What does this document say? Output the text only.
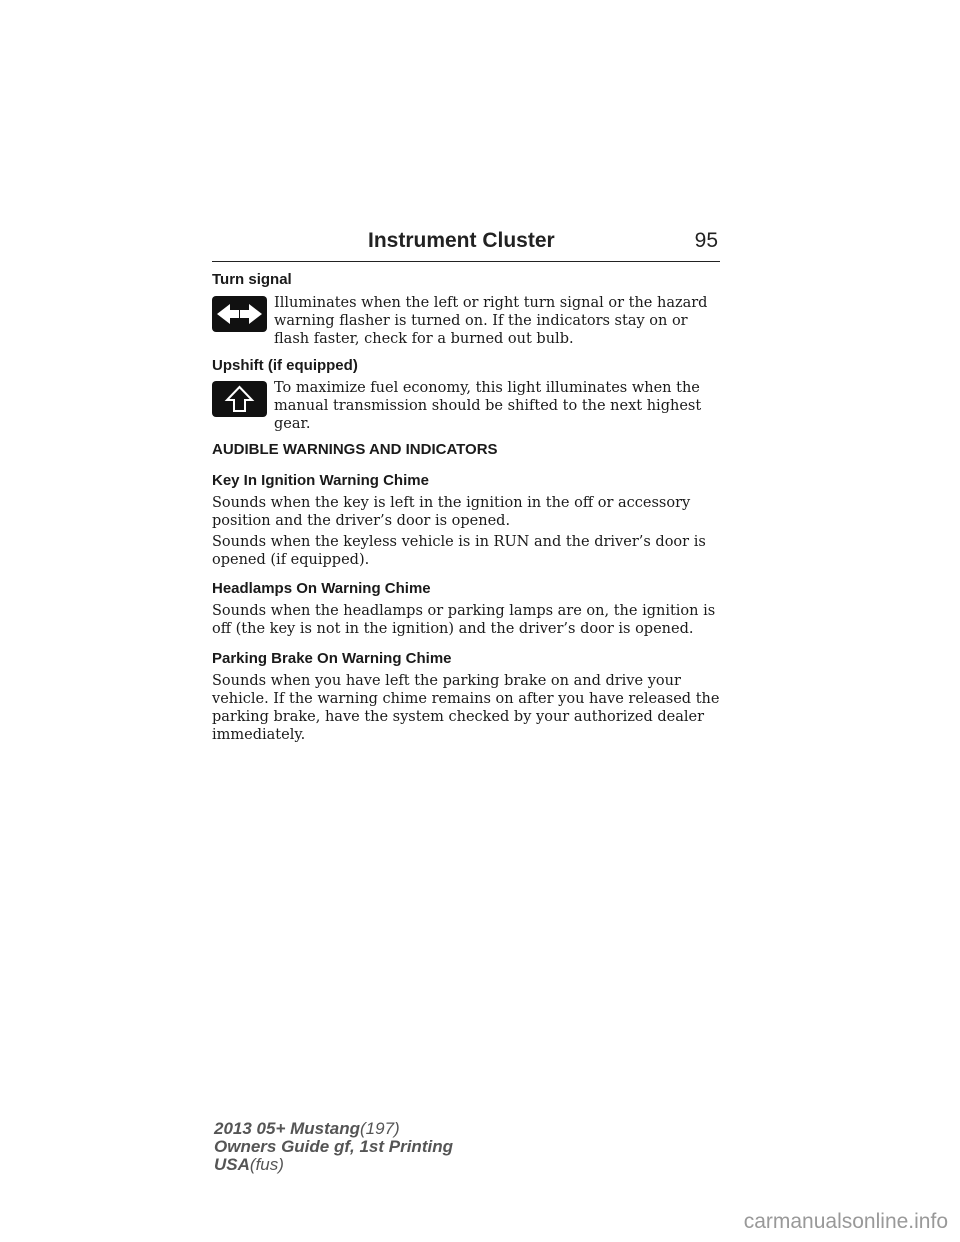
Instrument Cluster	95
Turn signal
Illuminates when the left or right turn signal or the hazard warning flasher is turned on. If the indicators stay on or flash faster, check for a burned out bulb.
Upshift (if equipped)
To maximize fuel economy, this light illuminates when the manual transmission should be shifted to the next highest gear.
AUDIBLE WARNINGS AND INDICATORS
Key In Ignition Warning Chime
Sounds when the key is left in the ignition in the off or accessory position and the driver’s door is opened.
Sounds when the keyless vehicle is in RUN and the driver’s door is opened (if equipped).
Headlamps On Warning Chime
Sounds when the headlamps or parking lamps are on, the ignition is off (the key is not in the ignition) and the driver’s door is opened.
Parking Brake On Warning Chime
Sounds when you have left the parking brake on and drive your vehicle. If the warning chime remains on after you have released the parking brake, have the system checked by your authorized dealer immediately.
2013 05+ Mustang(197)
Owners Guide gf, 1st Printing
USA(fus)
carmanualsonline.info
